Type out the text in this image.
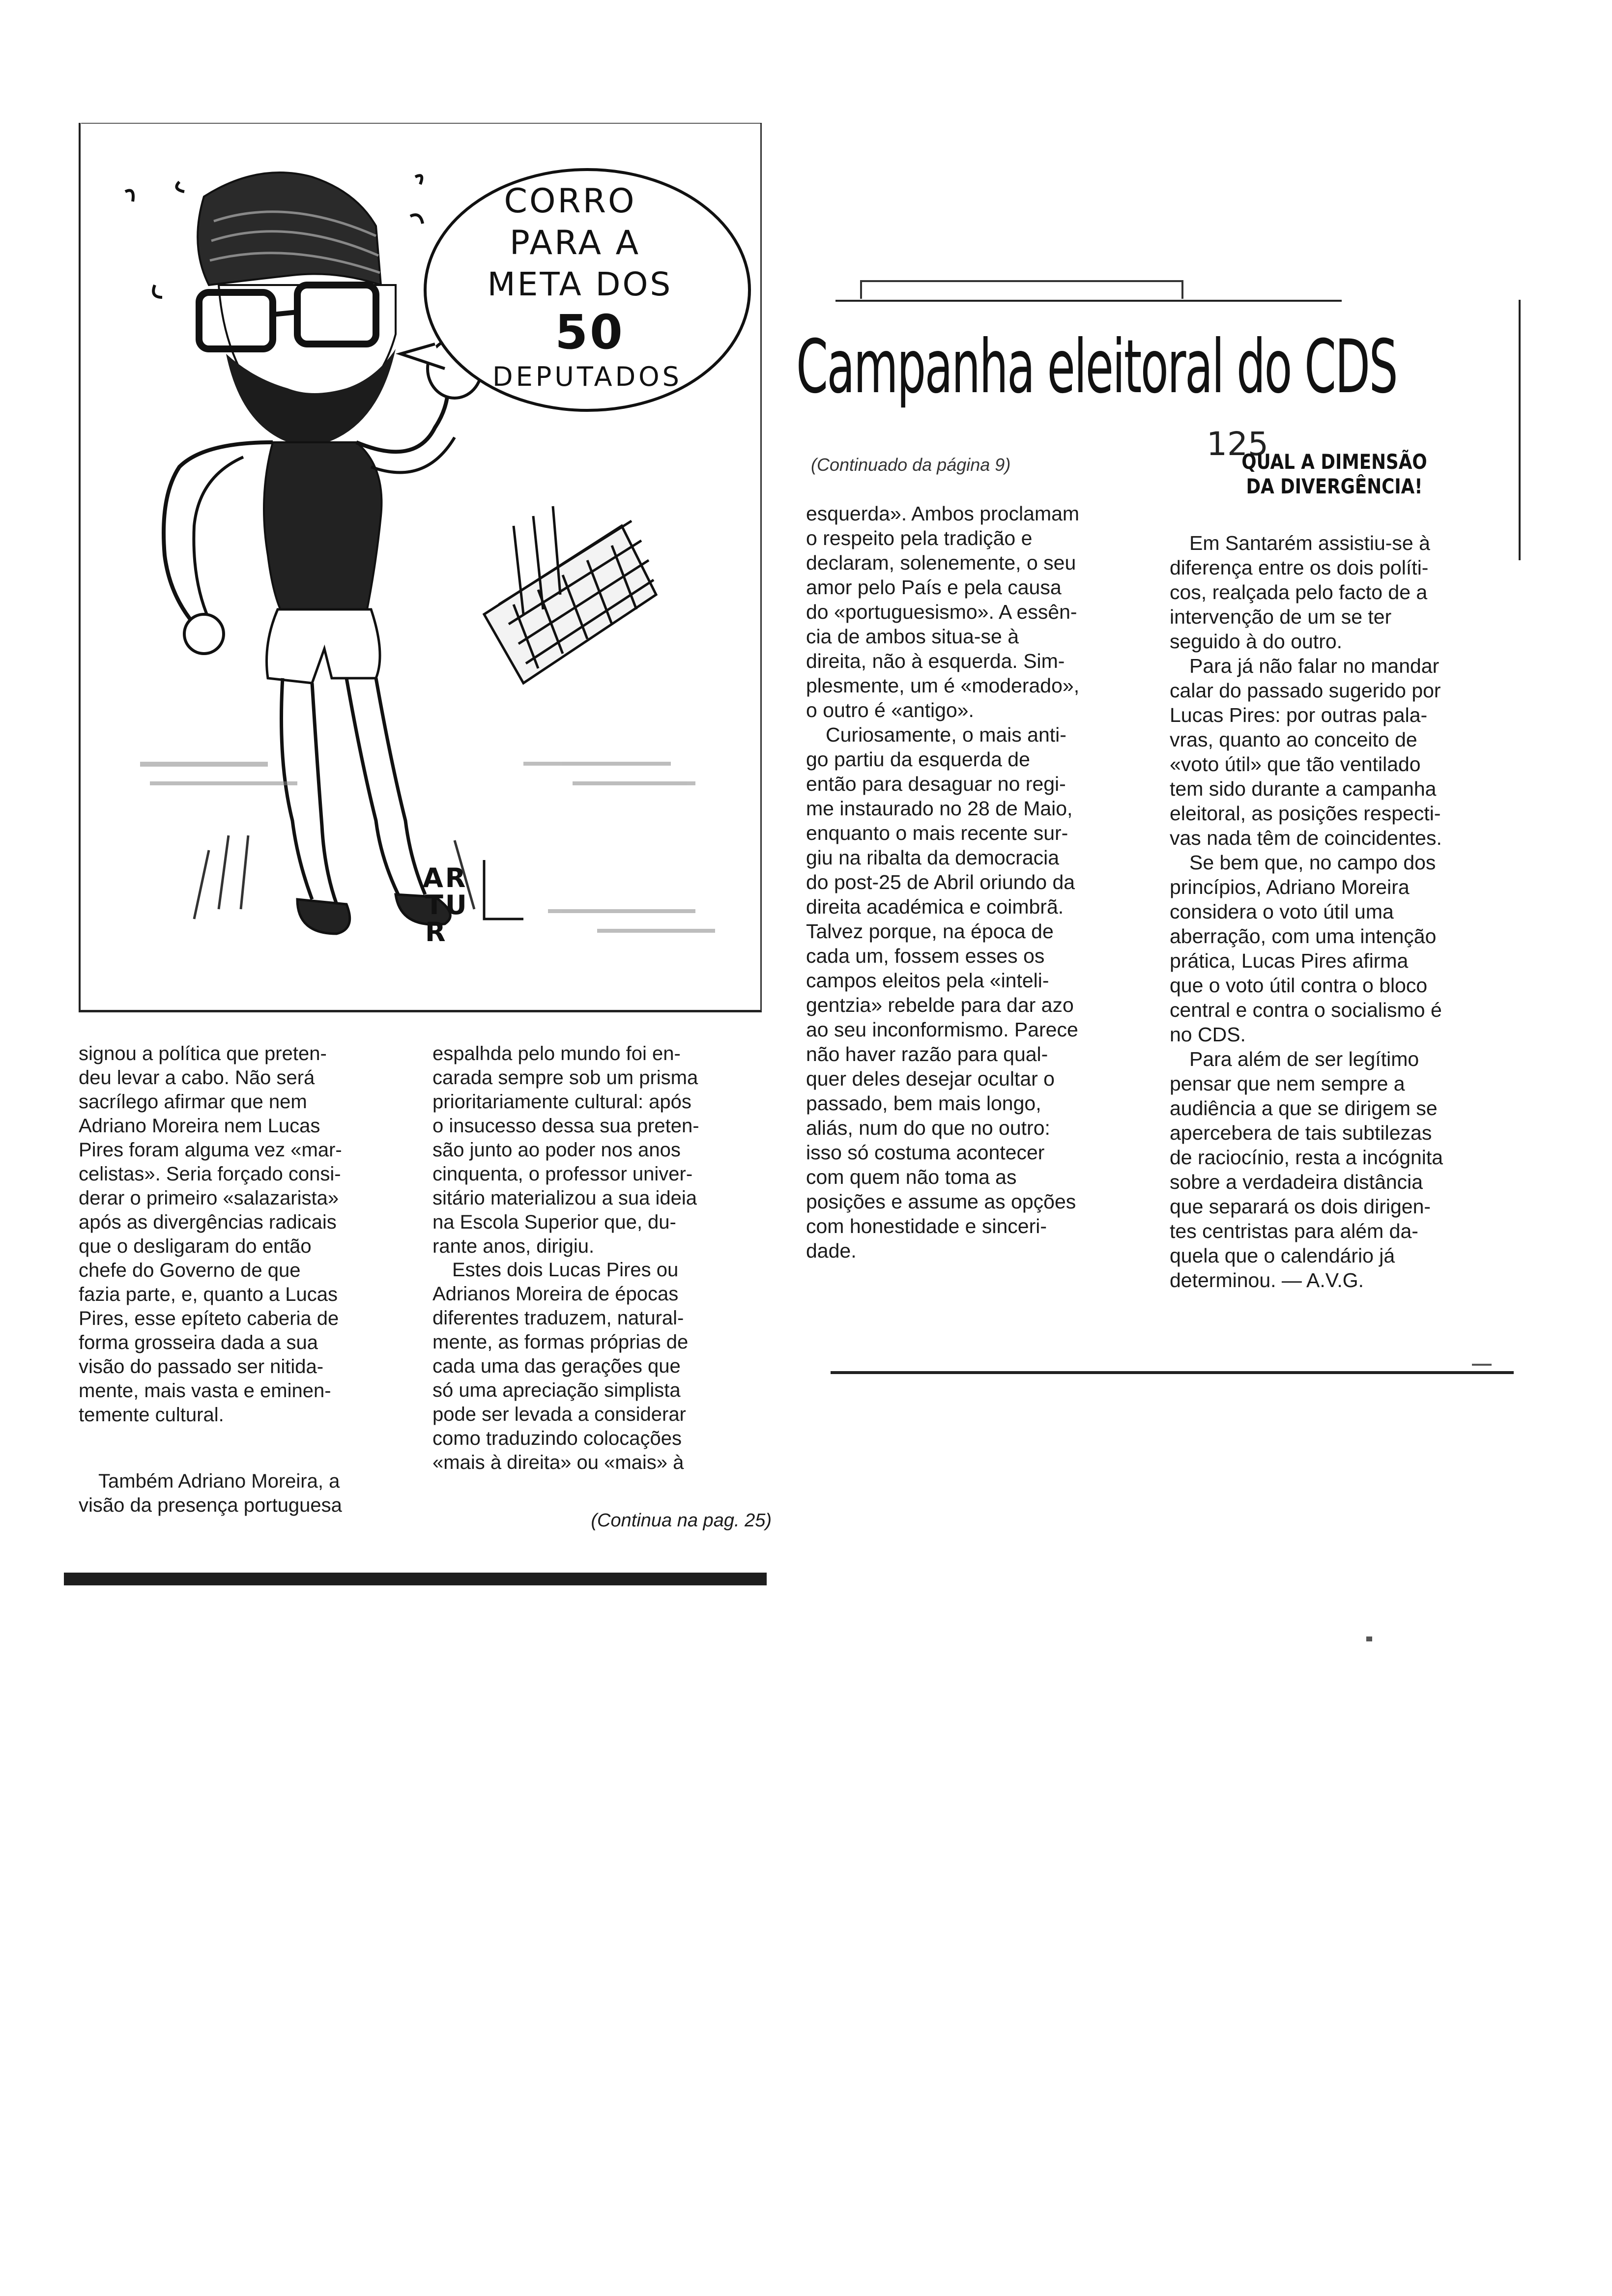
CORRO
PARA A
META DOS
50
DEPUTADOS
AR
TU
R

signou a política que preten-

deu levar a cabo. Não será

sacrílego afirmar que nem

Adriano Moreira nem Lucas

Pires foram alguma vez «mar-

celistas». Seria forçado consi-

derar o primeiro «salazarista»

após as divergências radicais

que o desligaram do então

chefe do Governo de que

fazia parte, e, quanto a Lucas

Pires, esse epíteto caberia de

forma grosseira dada a sua

visão do passado ser nitida-

mente, mais vasta e eminen-

temente cultural.

Também Adriano Moreira, a

visão da presença portuguesa

espalhda pelo mundo foi en-

carada sempre sob um prisma

prioritariamente cultural: após

o insucesso dessa sua preten-

são junto ao poder nos anos

cinquenta, o professor univer-

sitário materializou a sua ideia

na Escola Superior que, du-

rante anos, dirigiu.

Estes dois Lucas Pires ou

Adrianos Moreira de épocas

diferentes traduzem, natural-

mente, as formas próprias de

cada uma das gerações que

só uma apreciação simplista

pode ser levada a considerar

como traduzindo colocações

«mais à direita» ou «mais» à

(Continua na pag. 25)
Campanha eleitoral do CDS
125
(Continuado da página 9)	QUAL A DIMENSÃO
DA DIVERGÊNCIA!

esquerda». Ambos proclamam

o respeito pela tradição e

declaram, solenemente, o seu

amor pelo País e pela causa

do «portuguesismo». A essên-

cia de ambos situa-se à

direita, não à esquerda. Sim-

plesmente, um é «moderado»,

o outro é «antigo».

Curiosamente, o mais anti-

go partiu da esquerda de

então para desaguar no regi-

me instaurado no 28 de Maio,

enquanto o mais recente sur-

giu na ribalta da democracia

do post-25 de Abril oriundo da

direita académica e coimbrã.

Talvez porque, na época de

cada um, fossem esses os

campos eleitos pela «inteli-

gentzia» rebelde para dar azo

ao seu inconformismo. Parece

não haver razão para qual-

quer deles desejar ocultar o

passado, bem mais longo,

aliás, num do que no outro:

isso só costuma acontecer

com quem não toma as

posições e assume as opções

com honestidade e sinceri-

dade.

Em Santarém assistiu-se à

diferença entre os dois políti-

cos, realçada pelo facto de a

intervenção de um se ter

seguido à do outro.

Para já não falar no mandar

calar do passado sugerido por

Lucas Pires: por outras pala-

vras, quanto ao conceito de

«voto útil» que tão ventilado

tem sido durante a campanha

eleitoral, as posições respecti-

vas nada têm de coincidentes.

Se bem que, no campo dos

princípios, Adriano Moreira

considera o voto útil uma

aberração, com uma intenção

prática, Lucas Pires afirma

que o voto útil contra o bloco

central e contra o socialismo é

no CDS.

Para além de ser legítimo

pensar que nem sempre a

audiência a que se dirigem se

apercebera de tais subtilezas

de raciocínio, resta a incógnita

sobre a verdadeira distância

que separará os dois dirigen-

tes centristas para além da-

quela que o calendário já

determinou. — A.V.G.
